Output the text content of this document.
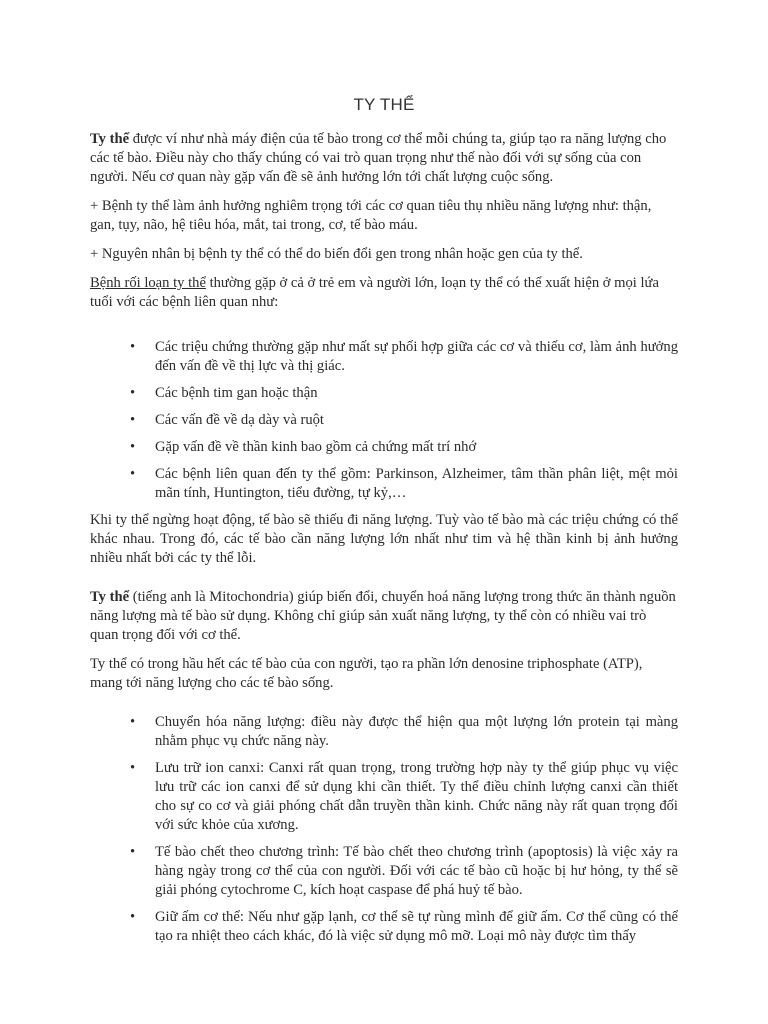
TY THỂ

Ty thể được ví như nhà máy điện của tế bào trong cơ thể mỗi chúng ta, giúp tạo ra năng lượng cho các tế bào. Điều này cho thấy chúng có vai trò quan trọng như thế nào đối với sự sống của con người. Nếu cơ quan này gặp vấn đề sẽ ảnh hưởng lớn tới chất lượng cuộc sống.

+ Bệnh ty thể làm ảnh hưởng nghiêm trọng tới các cơ quan tiêu thụ nhiều năng lượng như: thận, gan, tụy, não, hệ tiêu hóa, mắt, tai trong, cơ, tế bào máu.

+ Nguyên nhân bị bệnh ty thể có thể do biến đổi gen trong nhân hoặc gen của ty thể.

Bệnh rối loạn ty thể thường gặp ở cả ở trẻ em và người lớn, loạn ty thể có thể xuất hiện ở mọi lứa tuổi với các bệnh liên quan như:

• Các triệu chứng thường gặp như mất sự phối hợp giữa các cơ và thiếu cơ, làm ảnh hưởng đến vấn đề về thị lực và thị giác.
• Các bệnh tim gan hoặc thận
• Các vấn đề về dạ dày và ruột
• Gặp vấn đề về thần kinh bao gồm cả chứng mất trí nhớ
• Các bệnh liên quan đến ty thể gồm: Parkinson, Alzheimer, tâm thần phân liệt, mệt mỏi mãn tính, Huntington, tiểu đường, tự kỷ,…

Khi ty thể ngừng hoạt động, tế bào sẽ thiếu đi năng lượng. Tuỳ vào tế bào mà các triệu chứng có thể khác nhau. Trong đó, các tế bào cần năng lượng lớn nhất như tim và hệ thần kinh bị ảnh hưởng nhiều nhất bởi các ty thể lỗi.

Ty thể (tiếng anh là Mitochondria) giúp biến đổi, chuyển hoá năng lượng trong thức ăn thành nguồn năng lượng mà tế bào sử dụng. Không chỉ giúp sản xuất năng lượng, ty thể còn có nhiều vai trò quan trọng đối với cơ thể.

Ty thể có trong hầu hết các tế bào của con người, tạo ra phần lớn denosine triphosphate (ATP), mang tới năng lượng cho các tế bào sống.

• Chuyển hóa năng lượng: điều này được thể hiện qua một lượng lớn protein tại màng nhằm phục vụ chức năng này.
• Lưu trữ ion canxi: Canxi rất quan trọng, trong trường hợp này ty thể giúp phục vụ việc lưu trữ các ion canxi để sử dụng khi cần thiết. Ty thể điều chỉnh lượng canxi cần thiết cho sự co cơ và giải phóng chất dẫn truyền thần kinh. Chức năng này rất quan trọng đối với sức khỏe của xương.
• Tế bào chết theo chương trình: Tế bào chết theo chương trình (apoptosis) là việc xảy ra hàng ngày trong cơ thể của con người. Đối với các tế bào cũ hoặc bị hư hỏng, ty thể sẽ giải phóng cytochrome C, kích hoạt caspase để phá huỷ tế bào.
• Giữ ấm cơ thể: Nếu như gặp lạnh, cơ thể sẽ tự rùng mình để giữ ấm. Cơ thể cũng có thể tạo ra nhiệt theo cách khác, đó là việc sử dụng mô mỡ. Loại mô này được tìm thấy
